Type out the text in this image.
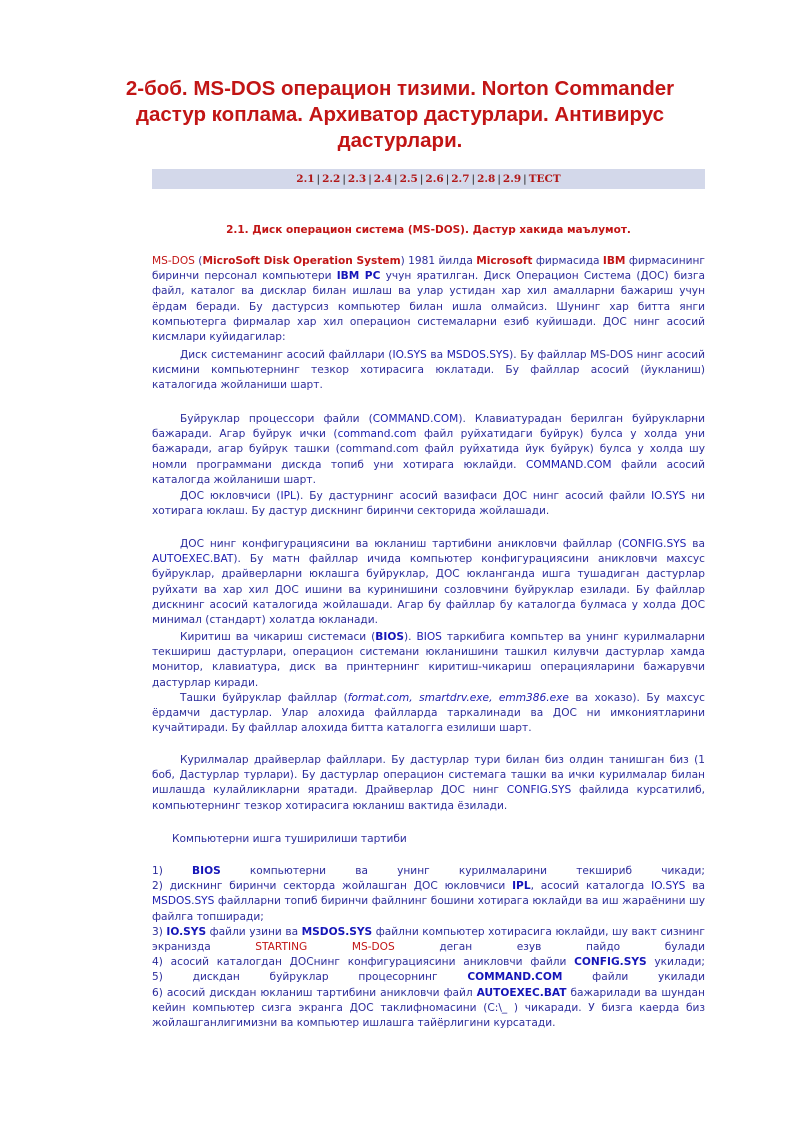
2-боб. MS-DOS операцион тизими. Norton Commander дастур коплама. Архиватор дастурлари. Антивирус дастурлари.
2.1 | 2.2 | 2.3 | 2.4 | 2.5 | 2.6 | 2.7 | 2.8 | 2.9 | ТЕСТ
2.1. Диск операцион система (MS-DOS). Дастур хакида маълумот.

MS-DOS (MicroSoft Disk Operation System) 1981 йилда Microsoft фирмасида IBM фирмасининг биринчи персонал компьютери IBM PC учун яратилган. Диск Операцион Система (ДОС) бизга файл, каталог ва дисклар билан ишлаш ва улар устидан хар хил амалларни бажариш учун ёрдам беради. Бу дастурсиз компьютер билан ишла олмайсиз. Шунинг хар битта янги компьютерга фирмалар хар хил операцион системаларни езиб куйишади. ДОС нинг асосий кисмлари куйидагилар:

Диск системанинг асосий файллари (IO.SYS ва MSDOS.SYS). Бу файллар MS-DOS нинг асосий кисмини компьютернинг тезкор хотирасига юклатади. Бу файллар асосий (йукланиш) каталогида жойланиши шарт.

Буйруклар процессори файли (COMMAND.COM). Клавиатурадан берилган буйрукларни бажаради. Агар буйрук ички (command.com файл руйхатидаги буйрук) булса у холда уни бажаради, агар буйрук ташки (command.com файл руйхатида йук буйрук) булса у холда шу номли программани дискда топиб уни хотирага юклайди. COMMAND.COM файли асосий каталогда жойланиши шарт.

ДОС юкловчиси (IPL). Бу дастурнинг асосий вазифаси ДОС нинг асосий файли IO.SYS ни хотирага юклаш. Бу дастур дискнинг биринчи секторида жойлашади.

ДОС нинг конфигурациясини ва юкланиш тартибини аникловчи файллар (CONFIG.SYS ва AUTOEXEC.BAT). Бу матн файллар ичида компьютер конфигурациясини аникловчи махсус буйруклар, драйверларни юклашга буйруклар, ДОС юкланганда ишга тушадиган дастурлар руйхати ва хар хил ДОС ишини ва куринишини созловчини буйруклар езилади. Бу файллар дискнинг асосий каталогида жойлашади. Агар бу файллар бу каталогда булмаса у холда ДОС минимал (стандарт) холатда юкланади.

Киритиш ва чикариш системаси (BIOS). BIOS таркибига компьтер ва унинг курилмаларни текшириш дастурлари, операцион системани юкланишини ташкил килувчи дастурлар хамда монитор, клавиатура, диск ва принтернинг киритиш-чикариш операцияларини бажарувчи дастурлар киради.

Ташки буйруклар файллар (format.com, smartdrv.exe, emm386.exe ва хоказо). Бу махсус ёрдамчи дастурлар. Улар алохида файлларда таркалинади ва ДОС ни имкониятларини кучайтиради. Бу файллар алохида битта каталогга езилиши шарт.

Курилмалар драйверлар файллари. Бу дастурлар тури билан биз олдин танишган биз (1 боб, Дастурлар турлари). Бу дастурлар операцион системага ташки ва ички курилмалар билан ишлашда кулайликларни яратади. Драйверлар ДОС нинг CONFIG.SYS файлида курсатилиб, компьютернинг тезкор хотирасига юкланиш вактида ёзилади.

Компьютерни ишга туширилиши тартиби

1)	BIOS	компьютерни ва унинг курилмаларини текшириб чикади;
2) дискнинг биринчи секторда жойлашган ДОС юкловчиси IPL, асосий каталогда IO.SYS ва MSDOS.SYS файлларни топиб биринчи файлнинг бошини хотирага юклайди ва иш жараёнини шу файлга топширади;
3) IO.SYS файли узини ва MSDOS.SYS файлни компьютер хотирасига юклайди, шу вакт сизнинг экранизда STARTING	MS-DOS деган езув пайдо булади
4) асосий каталогдан ДОСнинг конфигурациясини аникловчи файли CONFIG.SYS укилади;
5) дискдан буйруклар процесорнинг COMMAND.COM файли укилади
6) асосий дискдан юкланиш тартибини аникловчи файл AUTOEXEC.BAT бажарилади ва шундан кейин компьютер сизга экранга ДОС таклифномасини (C:\_ ) чикаради. У бизга каерда биз жойлашганлигимизни ва компьютер ишлашга тайёрлигини курсатади.
